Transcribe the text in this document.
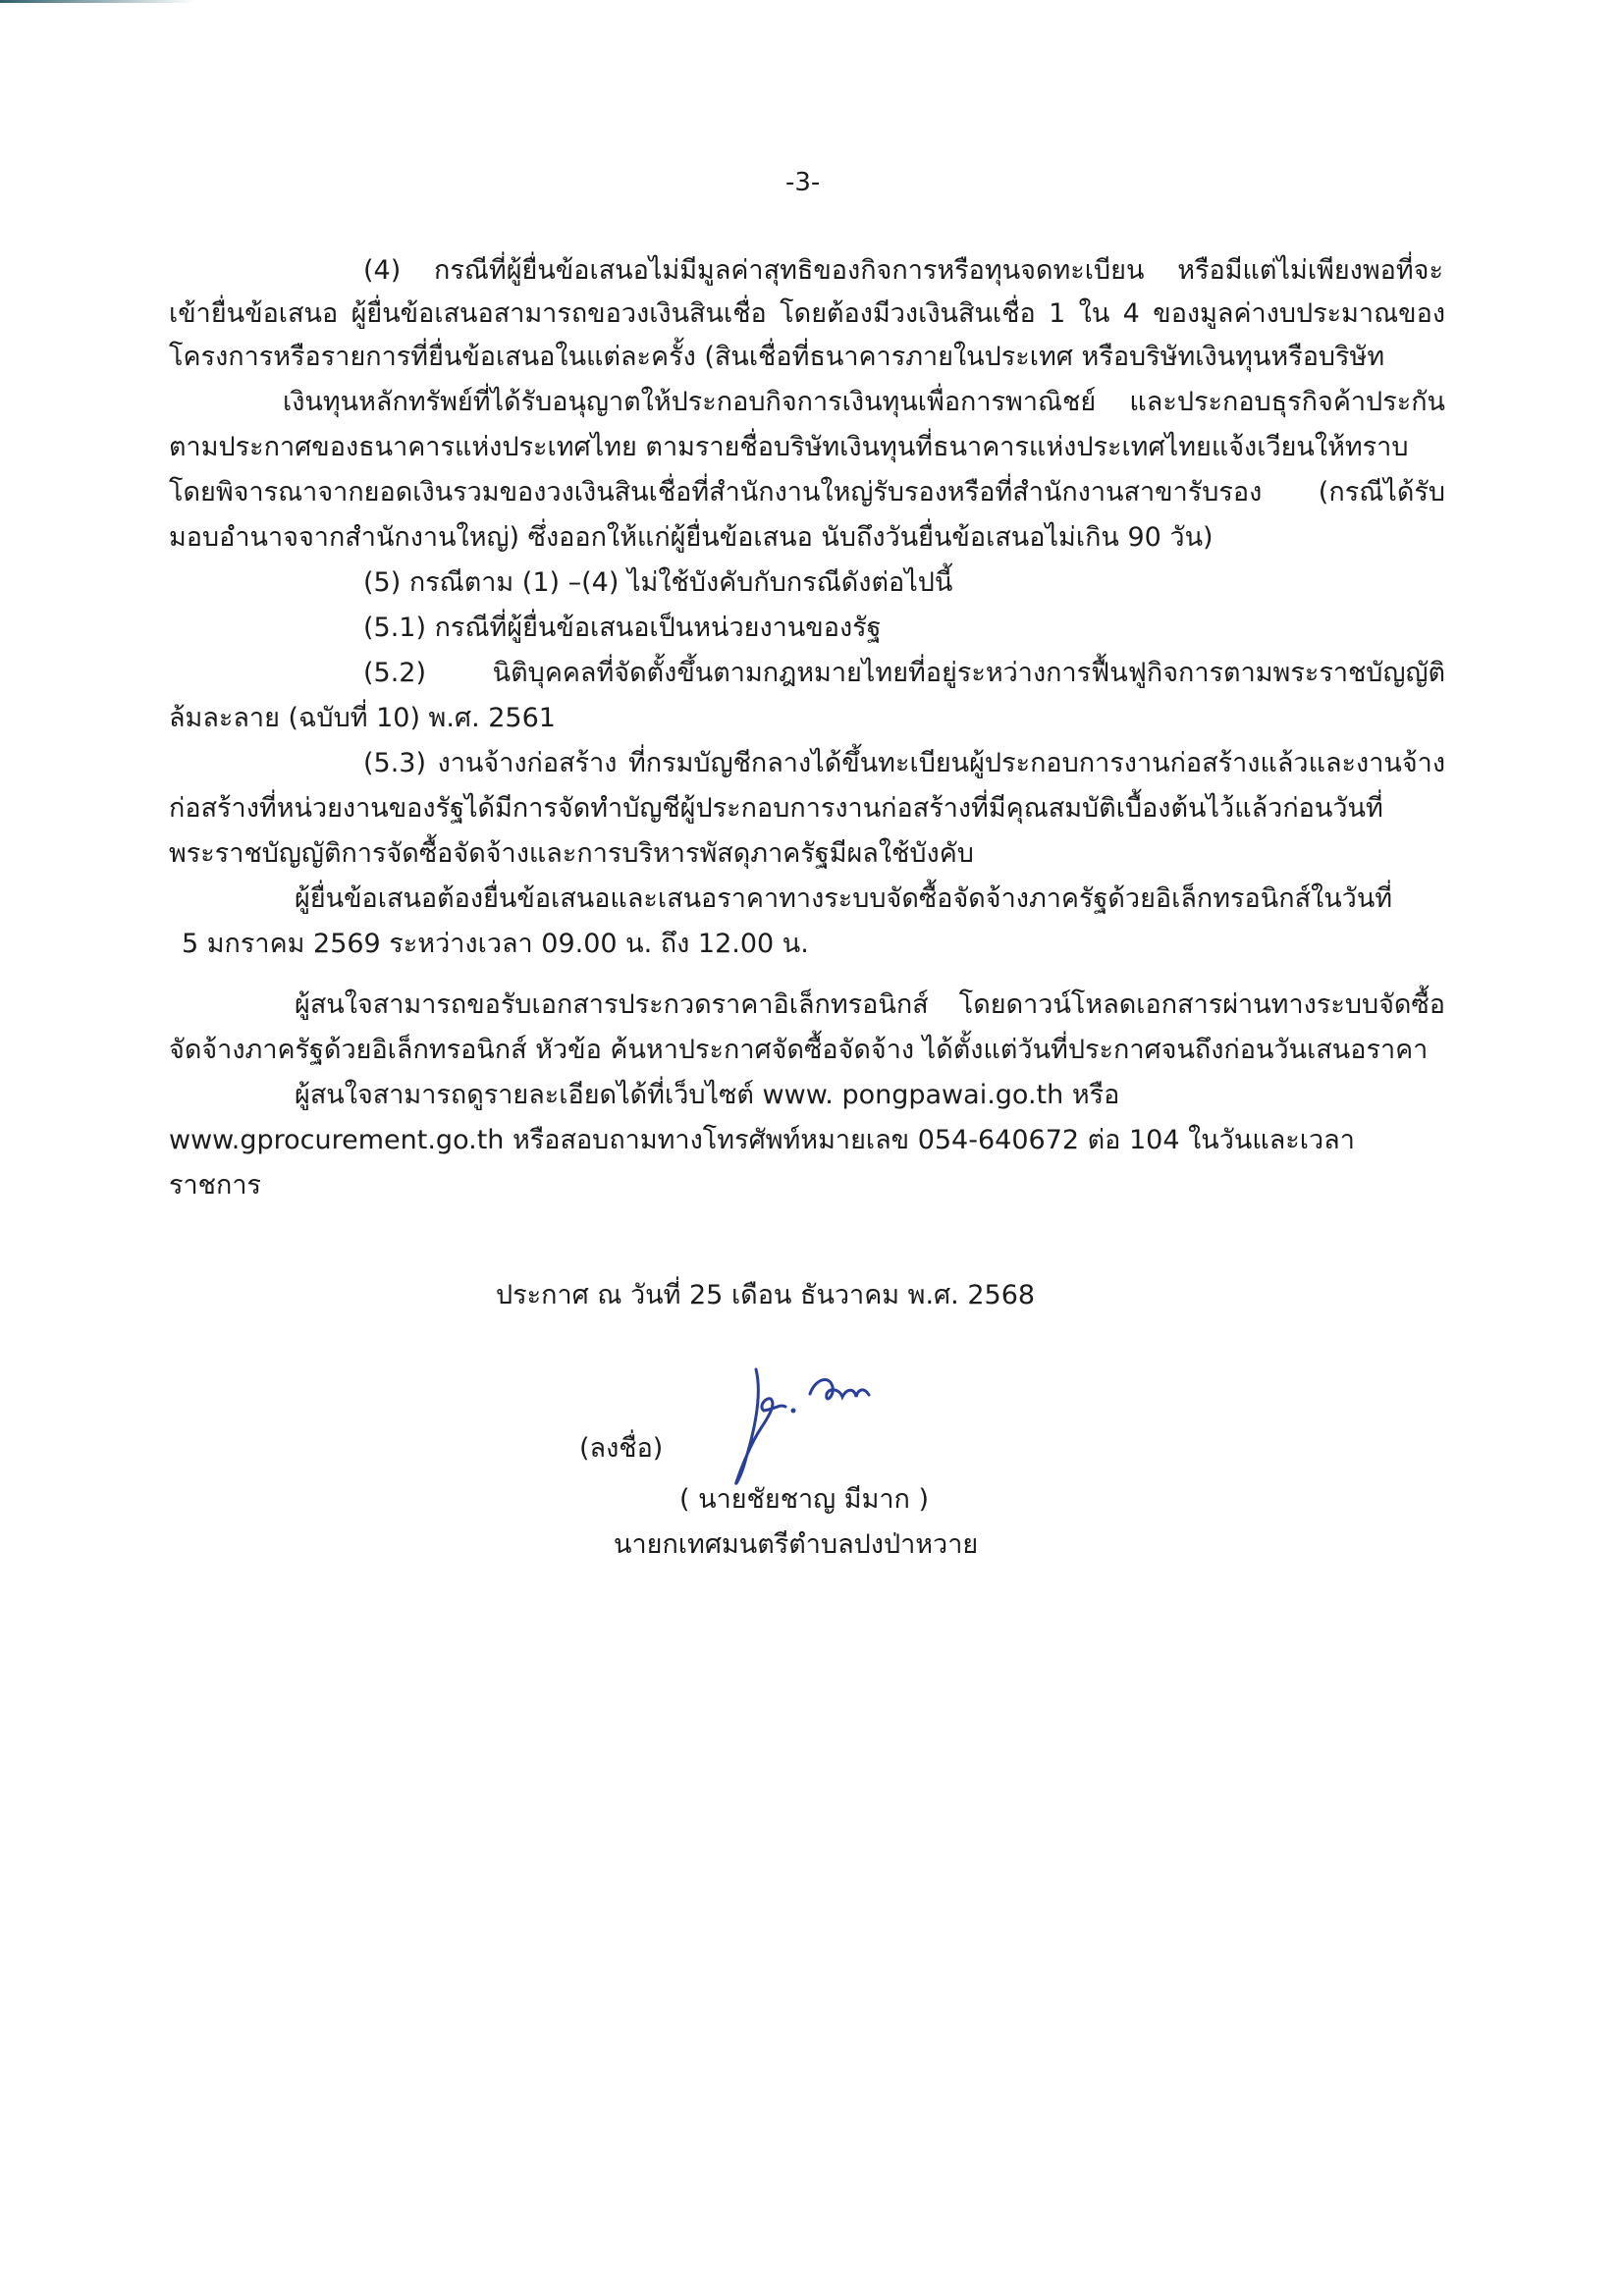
-3-
(4) กรณีที่ผู้ยื่นข้อเสนอไม่มีมูลค่าสุทธิของกิจการหรือทุนจดทะเบียน หรือมีแต่ไม่เพียงพอที่จะ
เข้ายื่นข้อเสนอ ผู้ยื่นข้อเสนอสามารถขอวงเงินสินเชื่อ โดยต้องมีวงเงินสินเชื่อ 1 ใน 4 ของมูลค่างบประมาณของ
โครงการหรือรายการที่ยื่นข้อเสนอในแต่ละครั้ง (สินเชื่อที่ธนาคารภายในประเทศ หรือบริษัทเงินทุนหรือบริษัท
เงินทุนหลักทรัพย์ที่ได้รับอนุญาตให้ประกอบกิจการเงินทุนเพื่อการพาณิชย์ และประกอบธุรกิจค้าประกัน
ตามประกาศของธนาคารแห่งประเทศไทย ตามรายชื่อบริษัทเงินทุนที่ธนาคารแห่งประเทศไทยแจ้งเวียนให้ทราบ
โดยพิจารณาจากยอดเงินรวมของวงเงินสินเชื่อที่สำนักงานใหญ่รับรองหรือที่สำนักงานสาขารับรอง (กรณีได้รับ
มอบอำนาจจากสำนักงานใหญ่) ซึ่งออกให้แก่ผู้ยื่นข้อเสนอ นับถึงวันยื่นข้อเสนอไม่เกิน 90 วัน)
(5) กรณีตาม (1) –(4) ไม่ใช้บังคับกับกรณีดังต่อไปนี้
(5.1) กรณีที่ผู้ยื่นข้อเสนอเป็นหน่วยงานของรัฐ
(5.2) นิติบุคคลที่จัดตั้งขึ้นตามกฎหมายไทยที่อยู่ระหว่างการฟื้นฟูกิจการตามพระราชบัญญัติ
ล้มละลาย (ฉบับที่ 10) พ.ศ. 2561
(5.3) งานจ้างก่อสร้าง ที่กรมบัญชีกลางได้ขึ้นทะเบียนผู้ประกอบการงานก่อสร้างแล้วและงานจ้าง
ก่อสร้างที่หน่วยงานของรัฐได้มีการจัดทำบัญชีผู้ประกอบการงานก่อสร้างที่มีคุณสมบัติเบื้องต้นไว้แล้วก่อนวันที่
พระราชบัญญัติการจัดซื้อจัดจ้างและการบริหารพัสดุภาครัฐมีผลใช้บังคับ
ผู้ยื่นข้อเสนอต้องยื่นข้อเสนอและเสนอราคาทางระบบจัดซื้อจัดจ้างภาครัฐด้วยอิเล็กทรอนิกส์ในวันที่
5 มกราคม 2569 ระหว่างเวลา 09.00 น. ถึง 12.00 น.
ผู้สนใจสามารถขอรับเอกสารประกวดราคาอิเล็กทรอนิกส์ โดยดาวน์โหลดเอกสารผ่านทางระบบจัดซื้อ
จัดจ้างภาครัฐด้วยอิเล็กทรอนิกส์ หัวข้อ ค้นหาประกาศจัดซื้อจัดจ้าง ได้ตั้งแต่วันที่ประกาศจนถึงก่อนวันเสนอราคา
ผู้สนใจสามารถดูรายละเอียดได้ที่เว็บไซต์ www. pongpawai.go.th หรือ
www.gprocurement.go.th หรือสอบถามทางโทรศัพท์หมายเลข 054-640672 ต่อ 104 ในวันและเวลา
ราชการ
ประกาศ ณ วันที่ 25 เดือน ธันวาคม พ.ศ. 2568
(ลงชื่อ)
( นายชัยชาญ มีมาก )
นายกเทศมนตรีตำบลปงป่าหวาย
